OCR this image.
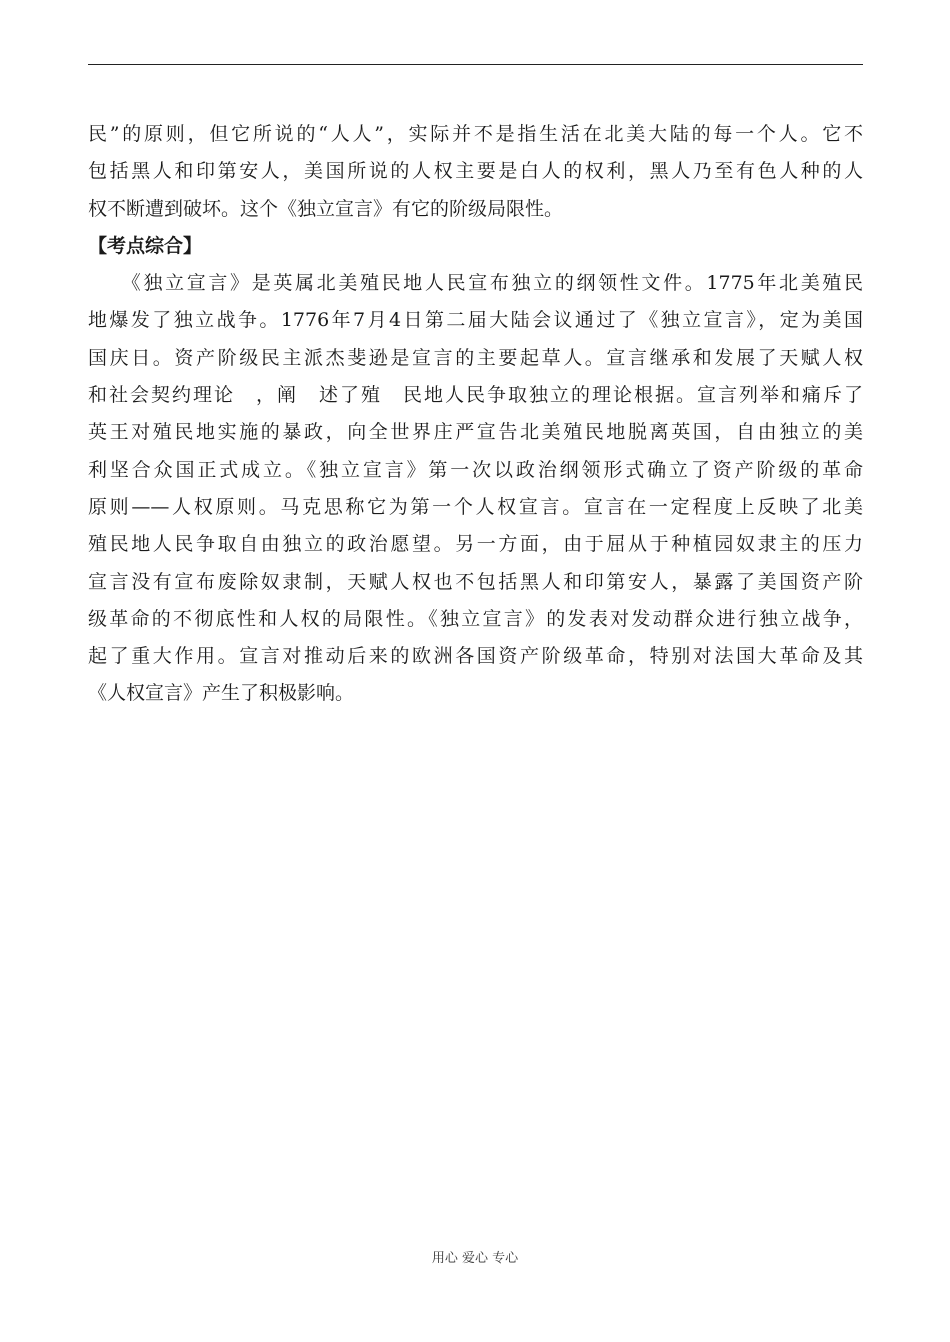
民”的原则，但它所说的“人人”，实际并不是指生活在北美大陆的每一个人。它不
包括黑人和印第安人，美国所说的人权主要是白人的权利，黑人乃至有色人种的人
权不断遭到破坏。这个《独立宣言》有它的阶级局限性。
【考点综合】
　　《独立宣言》是英属北美殖民地人民宣布独立的纲领性文件。1775年北美殖民
地爆发了独立战争。1776年7月4日第二届大陆会议通过了《独立宣言》，定为美国
国庆日。资产阶级民主派杰斐逊是宣言的主要起草人。宣言继承和发展了天赋人权
和社会契约理论　，阐　述了殖　民地人民争取独立的理论根据。宣言列举和痛斥了
英王对殖民地实施的暴政，向全世界庄严宣告北美殖民地脱离英国，自由独立的美
利坚合众国正式成立。《独立宣言》第一次以政治纲领形式确立了资产阶级的革命
原则——人权原则。马克思称它为第一个人权宣言。宣言在一定程度上反映了北美
殖民地人民争取自由独立的政治愿望。另一方面，由于屈从于种植园奴隶主的压力
宣言没有宣布废除奴隶制，天赋人权也不包括黑人和印第安人，暴露了美国资产阶
级革命的不彻底性和人权的局限性。《独立宣言》的发表对发动群众进行独立战争，
起了重大作用。宣言对推动后来的欧洲各国资产阶级革命，特别对法国大革命及其
《人权宣言》产生了积极影响。
用心 爱心 专心
